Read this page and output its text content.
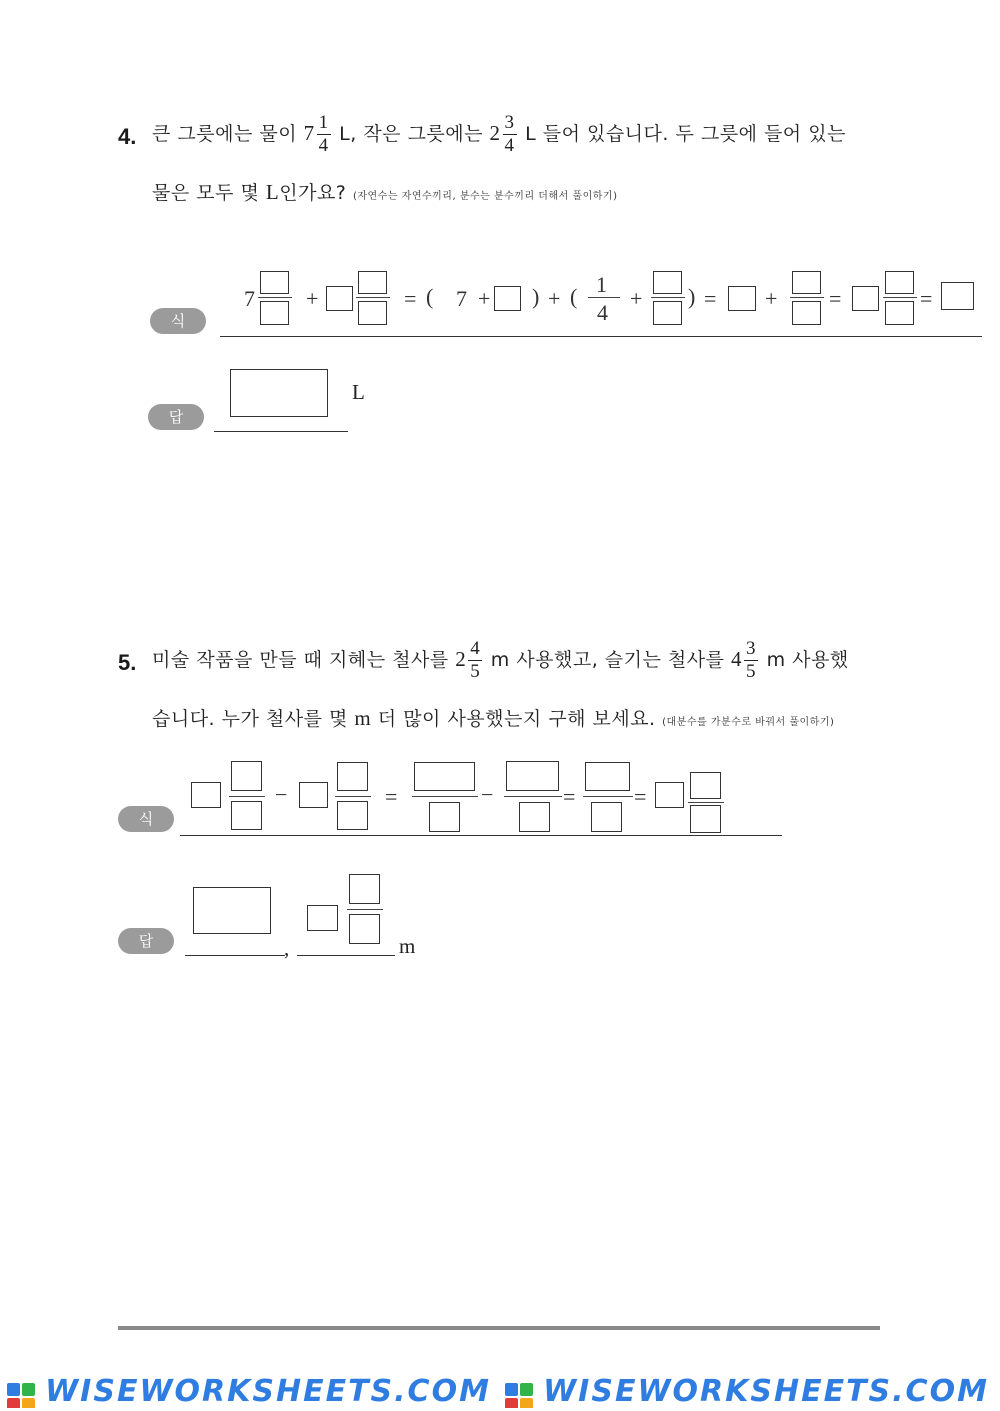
4. 큰 그릇에는 물이 $7 \frac{1}{4} L$, 작은 그릇에는 $2 \frac{3}{4}$ L 들어 있습니다. 두 그릇에 들어 있는
물은 모두 몇 L인가요? (자연수는 자연수끼리, 분수는 분수끼리 더해서 풀이하기)
식
7 +	= ( 7 + ) + ( 1
4
+ ) = + =	=
답
L
5. 미술 작품을 만들 때 지혜는 철사를 $2 \frac{4}{5}$ m 사용했고, 슬기는 철사를 $4 \frac{3}{5}$ m 사용했
습니다. 누가 철사를 몇 m 더 많이 사용했는지 구해 보세요. (대분수를 가분수로 바꿔서 풀이하기)
식
−	=	−	=	=
답	,	m
WISEWORKSHEETS.COM	WISEWORKSHEETS.COM
